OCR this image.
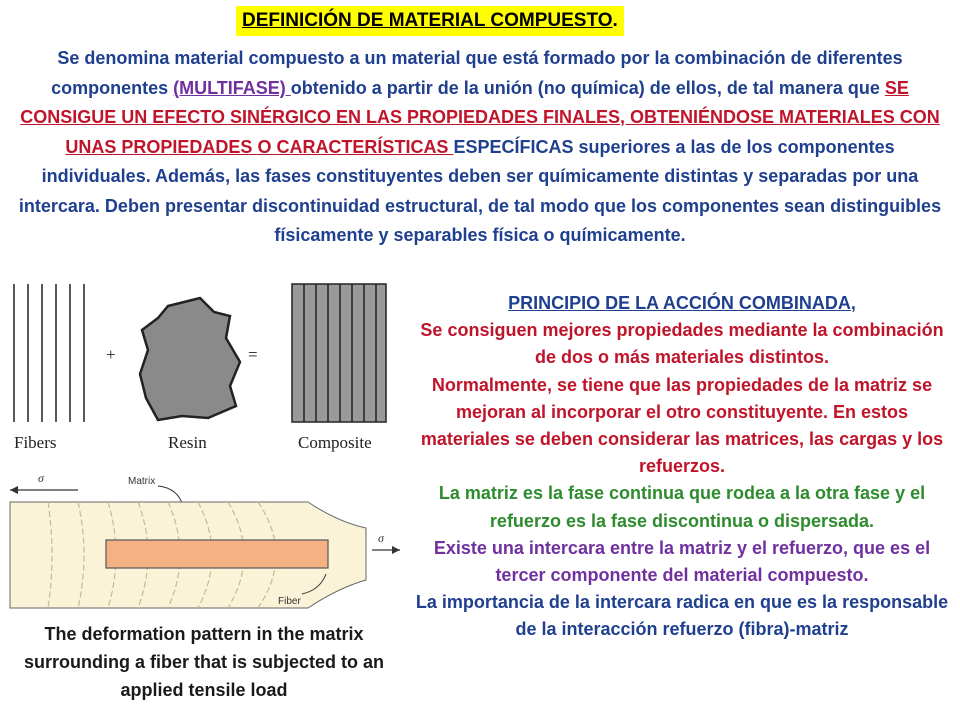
DEFINICIÓN DE MATERIAL COMPUESTO.
Se denomina material compuesto a un material que está formado por la combinación de diferentes componentes (MULTIFASE) obtenido a partir de la unión (no química) de ellos, de tal manera que SE CONSIGUE UN EFECTO SINÉRGICO EN LAS PROPIEDADES FINALES, OBTENIÉNDOSE MATERIALES CON UNAS PROPIEDADES O CARACTERÍSTICAS ESPECÍFICAS superiores a las de los componentes individuales. Además, las fases constituyentes deben ser químicamente distintas y separadas por una intercara. Deben presentar discontinuidad estructural, de tal modo que los componentes sean distinguibles físicamente y separables física o químicamente.
Fibers
+
Resin
=
Composite
σ	Matrix
σ
Fiber
The deformation pattern in the matrix surrounding a fiber that is subjected to an applied tensile load
PRINCIPIO DE LA ACCIÓN COMBINADA,
Se consiguen mejores propiedades mediante la combinación de dos o más materiales distintos.
Normalmente, se tiene que las propiedades de la matriz se mejoran al incorporar el otro constituyente. En estos materiales se deben considerar las matrices, las cargas y los refuerzos.
La matriz es la fase continua que rodea a la otra fase y el refuerzo es la fase discontinua o dispersada.
Existe una intercara entre la matriz y el refuerzo, que es el tercer componente del material compuesto.
La importancia de la intercara radica en que es la responsable de la interacción refuerzo (fibra)-matriz
